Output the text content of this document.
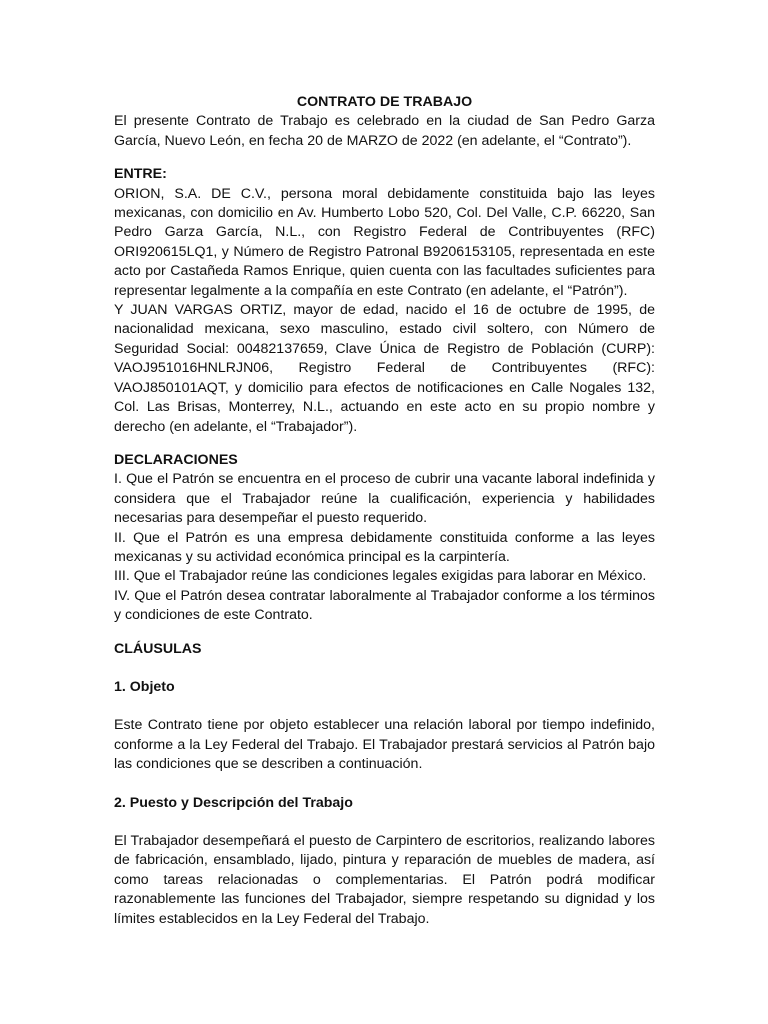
CONTRATO DE TRABAJO

El presente Contrato de Trabajo es celebrado en la ciudad de San Pedro Garza García, Nuevo León, en fecha 20 de MARZO de 2022 (en adelante, el “Contrato”).

ENTRE:

ORION, S.A. DE C.V., persona moral debidamente constituida bajo las leyes mexicanas, con domicilio en Av. Humberto Lobo 520, Col. Del Valle, C.P. 66220, San Pedro Garza García, N.L., con Registro Federal de Contribuyentes (RFC) ORI920615LQ1, y Número de Registro Patronal B9206153105, representada en este acto por Castañeda Ramos Enrique, quien cuenta con las facultades suficientes para representar legalmente a la compañía en este Contrato (en adelante, el “Patrón”).

Y JUAN VARGAS ORTIZ, mayor de edad, nacido el 16 de octubre de 1995, de nacionalidad mexicana, sexo masculino, estado civil soltero, con Número de Seguridad Social: 00482137659, Clave Única de Registro de Población (CURP): VAOJ951016HNLRJN06, Registro Federal de Contribuyentes (RFC): VAOJ850101AQT, y domicilio para efectos de notificaciones en Calle Nogales 132, Col. Las Brisas, Monterrey, N.L., actuando en este acto en su propio nombre y derecho (en adelante, el “Trabajador”).

DECLARACIONES

I. Que el Patrón se encuentra en el proceso de cubrir una vacante laboral indefinida y considera que el Trabajador reúne la cualificación, experiencia y habilidades necesarias para desempeñar el puesto requerido.

II. Que el Patrón es una empresa debidamente constituida conforme a las leyes mexicanas y su actividad económica principal es la carpintería.

III. Que el Trabajador reúne las condiciones legales exigidas para laborar en México.

IV. Que el Patrón desea contratar laboralmente al Trabajador conforme a los términos y condiciones de este Contrato.

CLÁUSULAS

1. Objeto

Este Contrato tiene por objeto establecer una relación laboral por tiempo indefinido, conforme a la Ley Federal del Trabajo. El Trabajador prestará servicios al Patrón bajo las condiciones que se describen a continuación.

2. Puesto y Descripción del Trabajo

El Trabajador desempeñará el puesto de Carpintero de escritorios, realizando labores de fabricación, ensamblado, lijado, pintura y reparación de muebles de madera, así como tareas relacionadas o complementarias. El Patrón podrá modificar razonablemente las funciones del Trabajador, siempre respetando su dignidad y los límites establecidos en la Ley Federal del Trabajo.
